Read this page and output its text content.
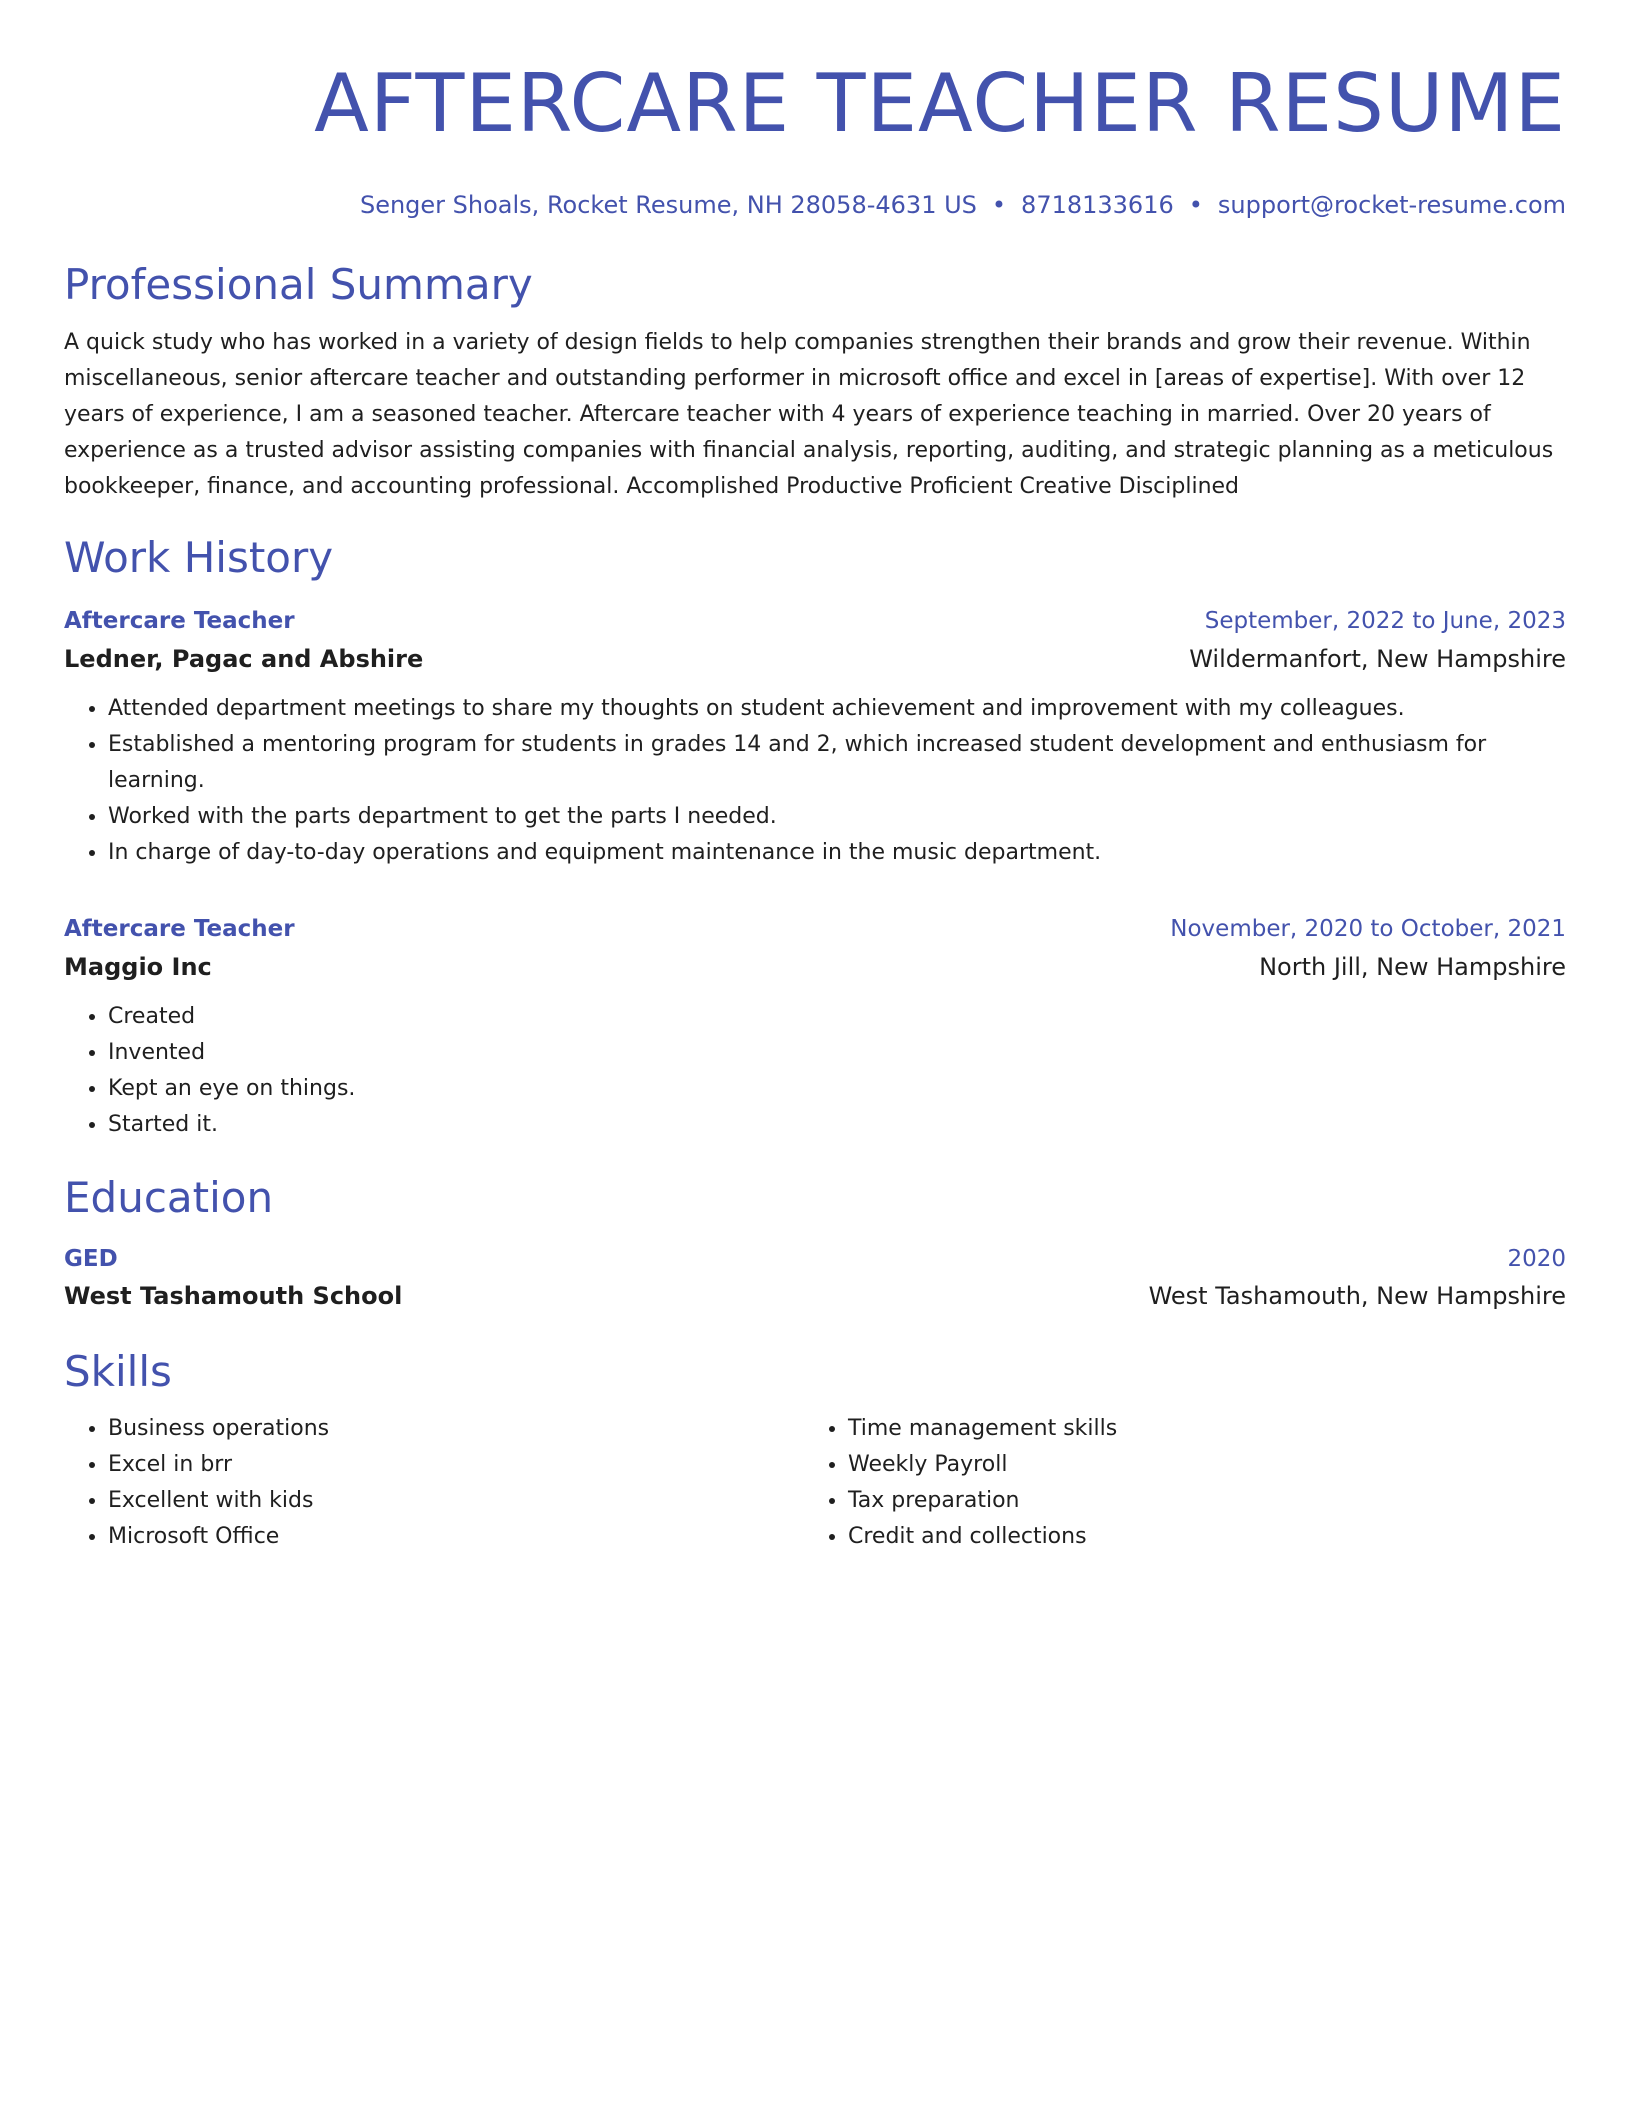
AFTERCARE TEACHER RESUME
Senger Shoals, Rocket Resume, NH 28058-4631 US • 8718133616 • support@rocket-resume.com
Professional Summary

A quick study who has worked in a variety of design fields to help companies strengthen their brands and grow their revenue. Within miscellaneous, senior aftercare teacher and outstanding performer in microsoft office and excel in [areas of expertise]. With over 12 years of experience, I am a seasoned teacher. Aftercare teacher with 4 years of experience teaching in married. Over 20 years of experience as a trusted advisor assisting companies with financial analysis, reporting, auditing, and strategic planning as a meticulous bookkeeper, finance, and accounting professional. Accomplished Productive Proficient Creative Disciplined

Work History
Aftercare Teacher	September, 2022 to June, 2023
Ledner, Pagac and Abshire	Wildermanfort, New Hampshire
• Attended department meetings to share my thoughts on student achievement and improvement with my colleagues.
• Established a mentoring program for students in grades 14 and 2, which increased student development and enthusiasm for learning.
• Worked with the parts department to get the parts I needed.
• In charge of day-to-day operations and equipment maintenance in the music department.
Aftercare Teacher	November, 2020 to October, 2021
Maggio Inc	North Jill, New Hampshire
• Created
• Invented
• Kept an eye on things.
• Started it.
Education
GED	2020
West Tashamouth School	West Tashamouth, New Hampshire
Skills
• Business operations
• Excel in brr
• Excellent with kids
• Microsoft Office
• Time management skills
• Weekly Payroll
• Tax preparation
• Credit and collections
